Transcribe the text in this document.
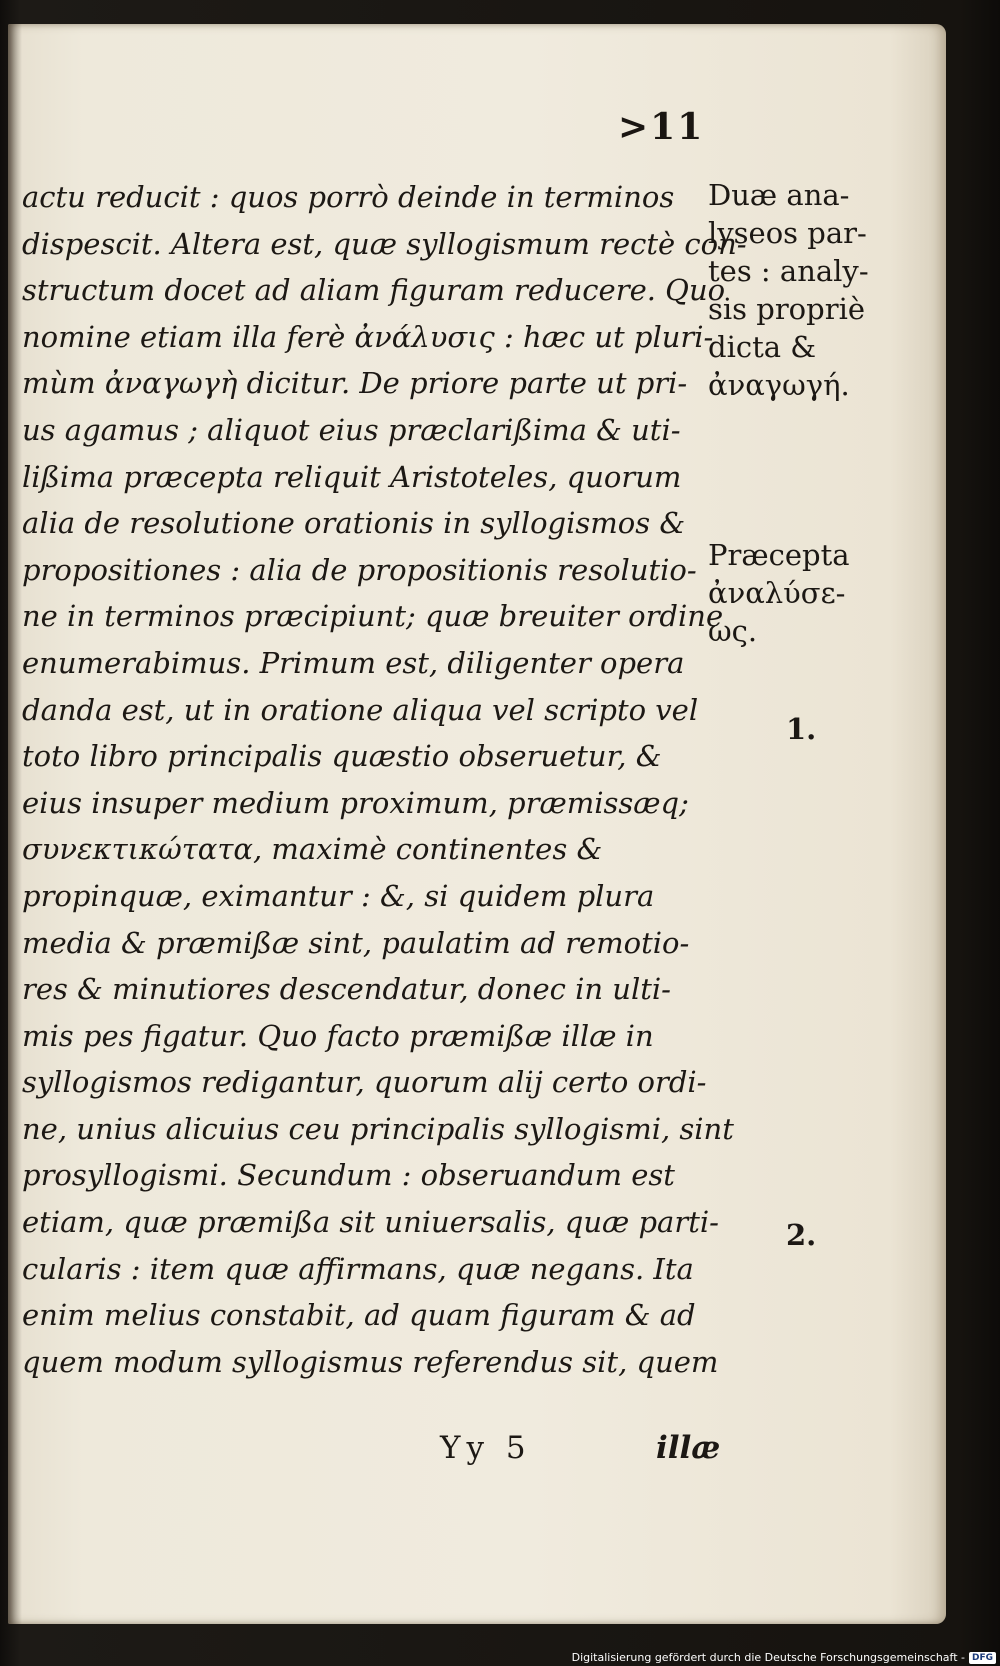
>11
actu reducit : quos porrò deinde in terminos
dispescit. Altera est, quæ syllogismum rectè con-
structum docet ad aliam figuram reducere. Quo
nomine etiam illa ferè ἀνάλυσις : hæc ut pluri-
mùm ἀναγωγὴ dicitur. De priore parte ut pri-
us agamus ; aliquot eius præclarißima & uti-
lißima præcepta reliquit Aristoteles, quorum
alia de resolutione orationis in syllogismos &
propositiones : alia de propositionis resolutio-
ne in terminos præcipiunt; quæ breuiter ordine
enumerabimus. Primum est, diligenter opera
danda est, ut in oratione aliqua vel scripto vel
toto libro principalis quæstio obseruetur, &
eius insuper medium proximum, præmissæq;
συνεκτικώτατα, maximè continentes &
propinquæ, eximantur : &, si quidem plura
media & præmißæ sint, paulatim ad remotio-
res & minutiores descendatur, donec in ulti-
mis pes figatur. Quo facto præmißæ illæ in
syllogismos redigantur, quorum alij certo ordi-
ne, unius alicuius ceu principalis syllogismi, sint
prosyllogismi. Secundum : obseruandum est
etiam, quæ præmißa sit uniuersalis, quæ parti-
cularis : item quæ affirmans, quæ negans. Ita
enim melius constabit, ad quam figuram & ad
quem modum syllogismus referendus sit, quem
Duæ ana-
lyseos par-
tes : analy-
sis propriè
dicta &
ἀναγωγή.
Præcepta
ἀναλύσε-
ως.
1.
2.
Yy 5	illæ
Digitalisierung gefördert durch die Deutsche Forschungsgemeinschaft - DFG
